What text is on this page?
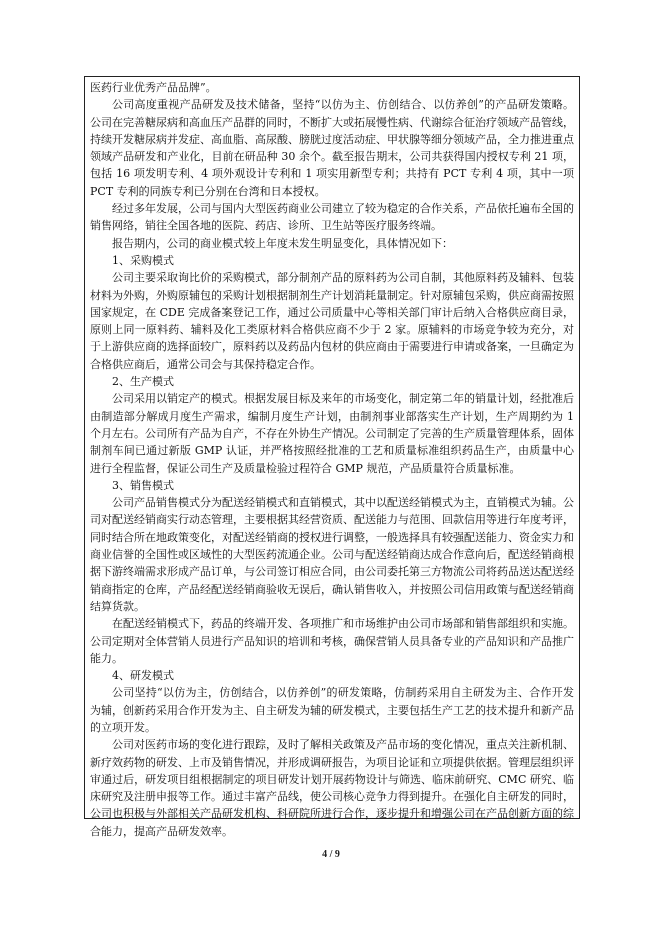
医药行业优秀产品品牌”。

公司高度重视产品研发及技术储备，坚持“以仿为主、仿创结合、以仿养创”的产品研发策略。公司在完善糖尿病和高血压产品群的同时，不断扩大或拓展慢性病、代谢综合征治疗领域产品管线，持续开发糖尿病并发症、高血脂、高尿酸、膀胱过度活动症、甲状腺等细分领域产品，全力推进重点领域产品研发和产业化，目前在研品种 30 余个。截至报告期末，公司共获得国内授权专利 21 项，包括 16 项发明专利、4 项外观设计专利和 1 项实用新型专利；共持有 PCT 专利 4 项，其中一项 PCT 专利的同族专利已分别在台湾和日本授权。

经过多年发展，公司与国内大型医药商业公司建立了较为稳定的合作关系，产品依托遍布全国的销售网络，销往全国各地的医院、药店、诊所、卫生站等医疗服务终端。

报告期内，公司的商业模式较上年度未发生明显变化，具体情况如下：

1、采购模式

公司主要采取询比价的采购模式，部分制剂产品的原料药为公司自制，其他原料药及辅料、包装材料为外购，外购原辅包的采购计划根据制剂生产计划消耗量制定。针对原辅包采购，供应商需按照国家规定，在 CDE 完成备案登记工作，通过公司质量中心等相关部门审计后纳入合格供应商目录，原则上同一原料药、辅料及化工类原材料合格供应商不少于 2 家。原辅料的市场竞争较为充分，对于上游供应商的选择面较广，原料药以及药品内包材的供应商由于需要进行申请或备案，一旦确定为合格供应商后，通常公司会与其保持稳定合作。

2、生产模式

公司采用以销定产的模式。根据发展目标及来年的市场变化，制定第二年的销量计划，经批准后由制造部分解成月度生产需求，编制月度生产计划，由制剂事业部落实生产计划，生产周期约为 1 个月左右。公司所有产品为自产，不存在外协生产情况。公司制定了完善的生产质量管理体系，固体制剂车间已通过新版 GMP 认证，并严格按照经批准的工艺和质量标准组织药品生产，由质量中心进行全程监督，保证公司生产及质量检验过程符合 GMP 规范，产品质量符合质量标准。

3、销售模式

公司产品销售模式分为配送经销模式和直销模式，其中以配送经销模式为主，直销模式为辅。公司对配送经销商实行动态管理，主要根据其经营资质、配送能力与范围、回款信用等进行年度考评，同时结合所在地政策变化，对配送经销商的授权进行调整，一般选择具有较强配送能力、资金实力和商业信誉的全国性或区域性的大型医药流通企业。公司与配送经销商达成合作意向后，配送经销商根据下游终端需求形成产品订单，与公司签订相应合同，由公司委托第三方物流公司将药品送达配送经销商指定的仓库，产品经配送经销商验收无误后，确认销售收入，并按照公司信用政策与配送经销商结算货款。

在配送经销模式下，药品的终端开发、各项推广和市场维护由公司市场部和销售部组织和实施。公司定期对全体营销人员进行产品知识的培训和考核，确保营销人员具备专业的产品知识和产品推广能力。

4、研发模式

公司坚持“以仿为主，仿创结合，以仿养创”的研发策略，仿制药采用自主研发为主、合作开发为辅，创新药采用合作开发为主、自主研发为辅的研发模式，主要包括生产工艺的技术提升和新产品的立项开发。

公司对医药市场的变化进行跟踪，及时了解相关政策及产品市场的变化情况，重点关注新机制、新疗效药物的研发、上市及销售情况，并形成调研报告，为项目论证和立项提供依据。管理层组织评审通过后，研发项目组根据制定的项目研发计划开展药物设计与筛选、临床前研究、CMC 研究、临床研究及注册申报等工作。通过丰富产品线，使公司核心竞争力得到提升。在强化自主研发的同时，公司也积极与外部相关产品研发机构、科研院所进行合作，逐步提升和增强公司在产品创新方面的综合能力，提高产品研发效率。

4 / 9
